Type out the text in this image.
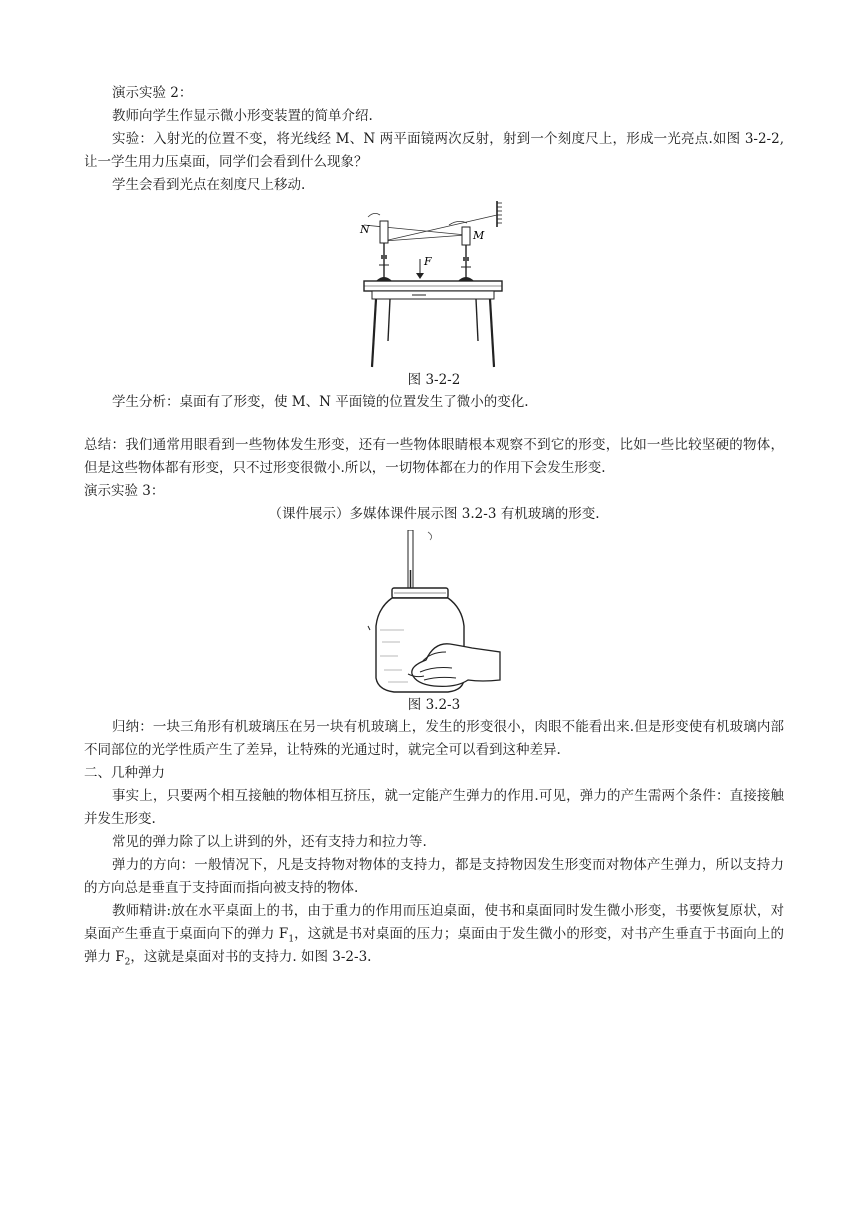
演示实验 2：

教师向学生作显示微小形变装置的简单介绍.

实验：入射光的位置不变，将光线经 M、N 两平面镜两次反射，射到一个刻度尺上，形成一光亮点.如图 3-2-2,让一学生用力压桌面，同学们会看到什么现象？

学生会看到光点在刻度尺上移动.

N	M
F

图 3-2-2

学生分析：桌面有了形变，使 M、N 平面镜的位置发生了微小的变化.

总结：我们通常用眼看到一些物体发生形变，还有一些物体眼睛根本观察不到它的形变，比如一些比较坚硬的物体，但是这些物体都有形变，只不过形变很微小.所以，一切物体都在力的作用下会发生形变.

演示实验 3：

（课件展示）多媒体课件展示图 3.2-3 有机玻璃的形变.

图 3.2-3

归纳：一块三角形有机玻璃压在另一块有机玻璃上，发生的形变很小，肉眼不能看出来.但是形变使有机玻璃内部不同部位的光学性质产生了差异，让特殊的光通过时，就完全可以看到这种差异.

二、几种弹力

事实上，只要两个相互接触的物体相互挤压，就一定能产生弹力的作用.可见，弹力的产生需两个条件：直接接触并发生形变.

常见的弹力除了以上讲到的外，还有支持力和拉力等.

弹力的方向：一般情况下，凡是支持物对物体的支持力，都是支持物因发生形变而对物体产生弹力，所以支持力的方向总是垂直于支持面而指向被支持的物体.

教师精讲:放在水平桌面上的书，由于重力的作用而压迫桌面，使书和桌面同时发生微小形变，书要恢复原状，对桌面产生垂直于桌面向下的弹力 $F_1$，这就是书对桌面的压力；桌面由于发生微小的形变，对书产生垂直于书面向上的弹力 $F_2$，这就是桌面对书的支持力. 如图 3-2-3.
